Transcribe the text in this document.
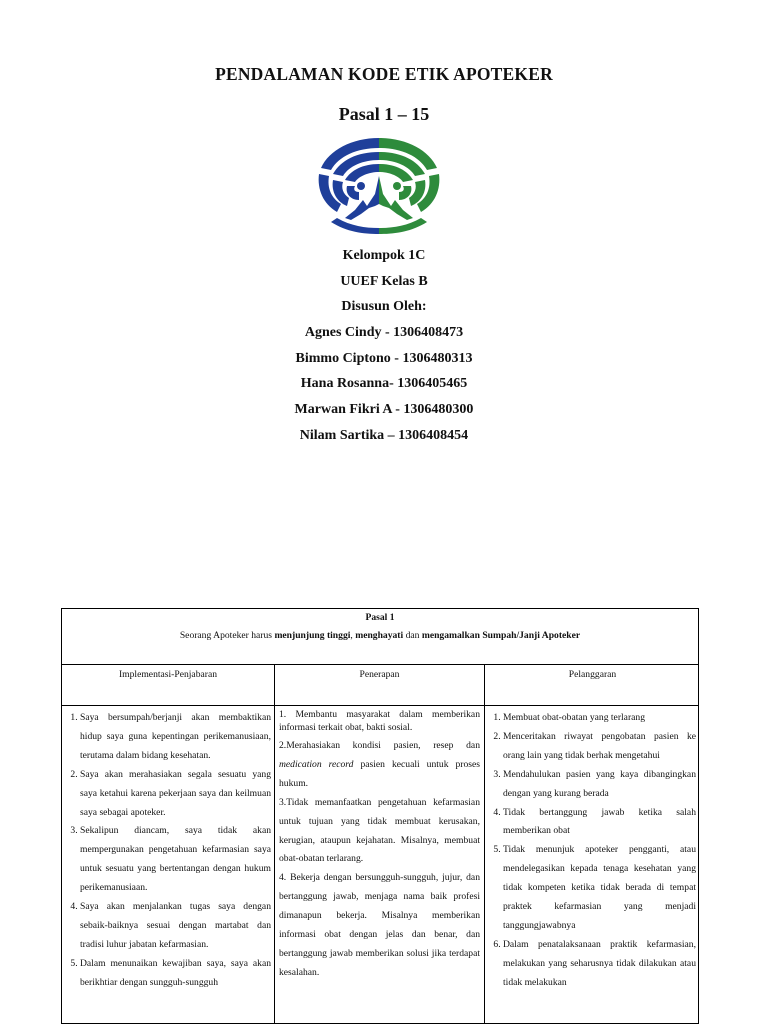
PENDALAMAN KODE ETIK APOTEKER
Pasal 1 – 15
Kelompok 1C
UUEF Kelas B
Disusun Oleh:
Agnes Cindy - 1306408473
Bimmo Ciptono - 1306480313
Hana Rosanna- 1306405465
Marwan Fikri A - 1306480300
Nilam Sartika – 1306408454
Pasal 1
Seorang Apoteker harus menjunjung tinggi, menghayati dan mengamalkan Sumpah/Janji Apoteker
Implementasi-Penjabaran	Penerapan	Pelanggaran
1. Saya bersumpah/berjanji akan membaktikan hidup saya guna kepentingan perikemanusiaan, terutama dalam bidang kesehatan.
2. Saya akan merahasiakan segala sesuatu yang saya ketahui karena pekerjaan saya dan keilmuan saya sebagai apoteker.
3. Sekalipun diancam, saya tidak akan mempergunakan pengetahuan kefarmasian saya untuk sesuatu yang bertentangan dengan hukum perikemanusiaan.
4. Saya akan menjalankan tugas saya dengan sebaik-baiknya sesuai dengan martabat dan tradisi luhur jabatan kefarmasian.
5. Dalam menunaikan kewajiban saya, saya akan berikhtiar dengan sungguh-sungguh

1. Membantu masyarakat dalam memberikan informasi terkait obat, bakti sosial.

2.Merahasiakan kondisi pasien, resep dan medication record pasien kecuali untuk proses hukum.

3.Tidak memanfaatkan pengetahuan kefarmasian untuk tujuan yang tidak membuat kerusakan, kerugian, ataupun kejahatan. Misalnya, membuat obat-obatan terlarang.

4. Bekerja dengan bersungguh-sungguh, jujur, dan bertanggung jawab, menjaga nama baik profesi dimanapun bekerja. Misalnya memberikan informasi obat dengan jelas dan benar, dan bertanggung jawab memberikan solusi jika terdapat kesalahan.

1. Membuat obat-obatan yang terlarang
2. Menceritakan riwayat pengobatan pasien ke orang lain yang tidak berhak mengetahui
3. Mendahulukan pasien yang kaya dibangingkan dengan yang kurang berada
4. Tidak bertanggung jawab ketika salah memberikan obat
5. Tidak menunjuk apoteker pengganti, atau mendelegasikan kepada tenaga kesehatan yang tidak kompeten ketika tidak berada di tempat praktek kefarmasian yang menjadi tanggungjawabnya
6. Dalam penatalaksanaan praktik kefarmasian, melakukan yang seharusnya tidak dilakukan atau tidak melakukan
